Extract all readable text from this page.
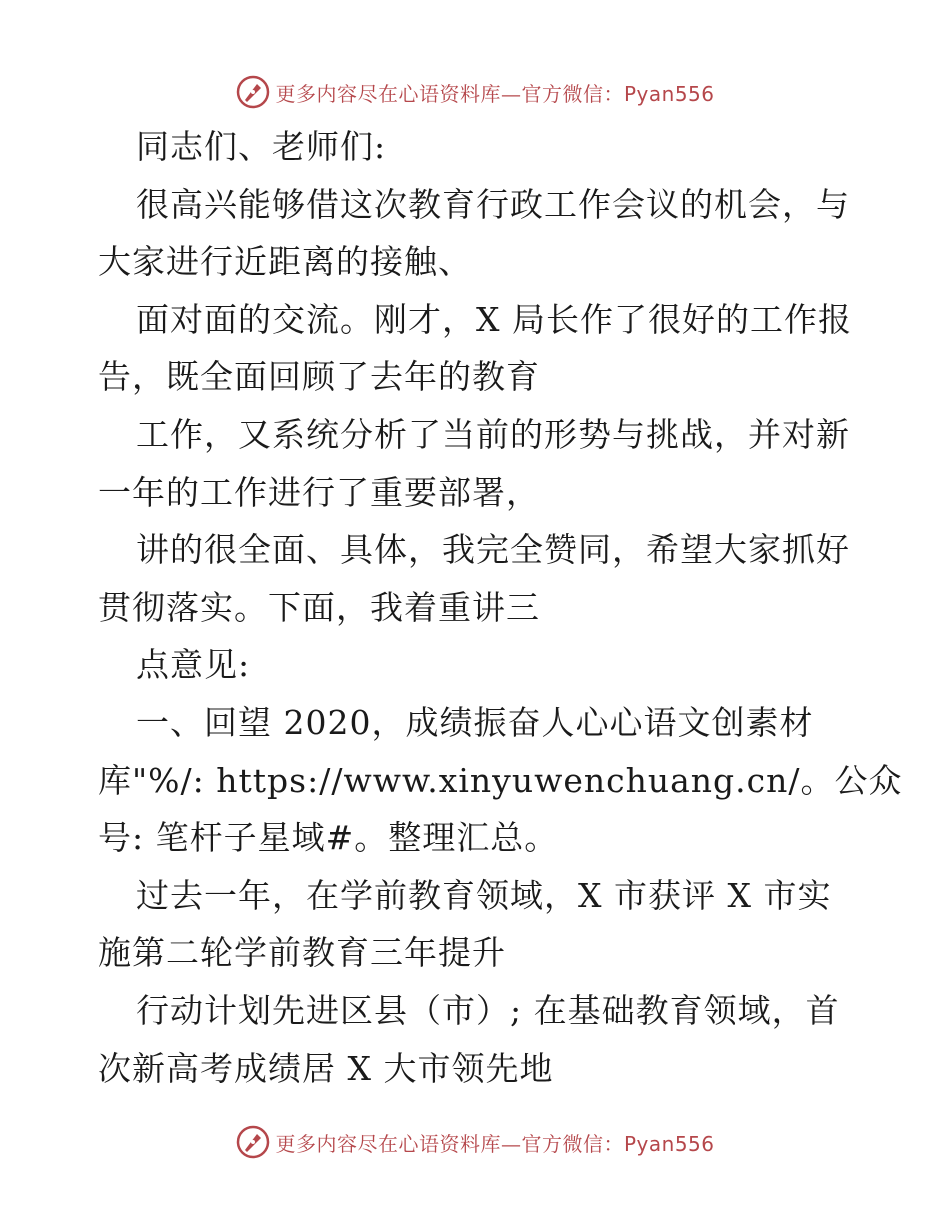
更多内容尽在心语资料库—官方微信：Pyan556
同志们、老师们:
很高兴能够借这次教育行政工作会议的机会，与
大家进行近距离的接触、
面对面的交流。刚才，X 局长作了很好的工作报
告，既全面回顾了去年的教育
工作，又系统分析了当前的形势与挑战，并对新
一年的工作进行了重要部署，
讲的很全面、具体，我完全赞同，希望大家抓好
贯彻落实。下面，我着重讲三
点意见:
一、回望 2020，成绩振奋人心心语文创素材
库"%/: https://www.xinyuwenchuang.cn/。公众
号: 笔杆子星域#。整理汇总。
过去一年，在学前教育领域，X 市获评 X 市实
施第二轮学前教育三年提升
行动计划先进区县（市）; 在基础教育领域，首
次新高考成绩居 X 大市领先地
更多内容尽在心语资料库—官方微信：Pyan556
